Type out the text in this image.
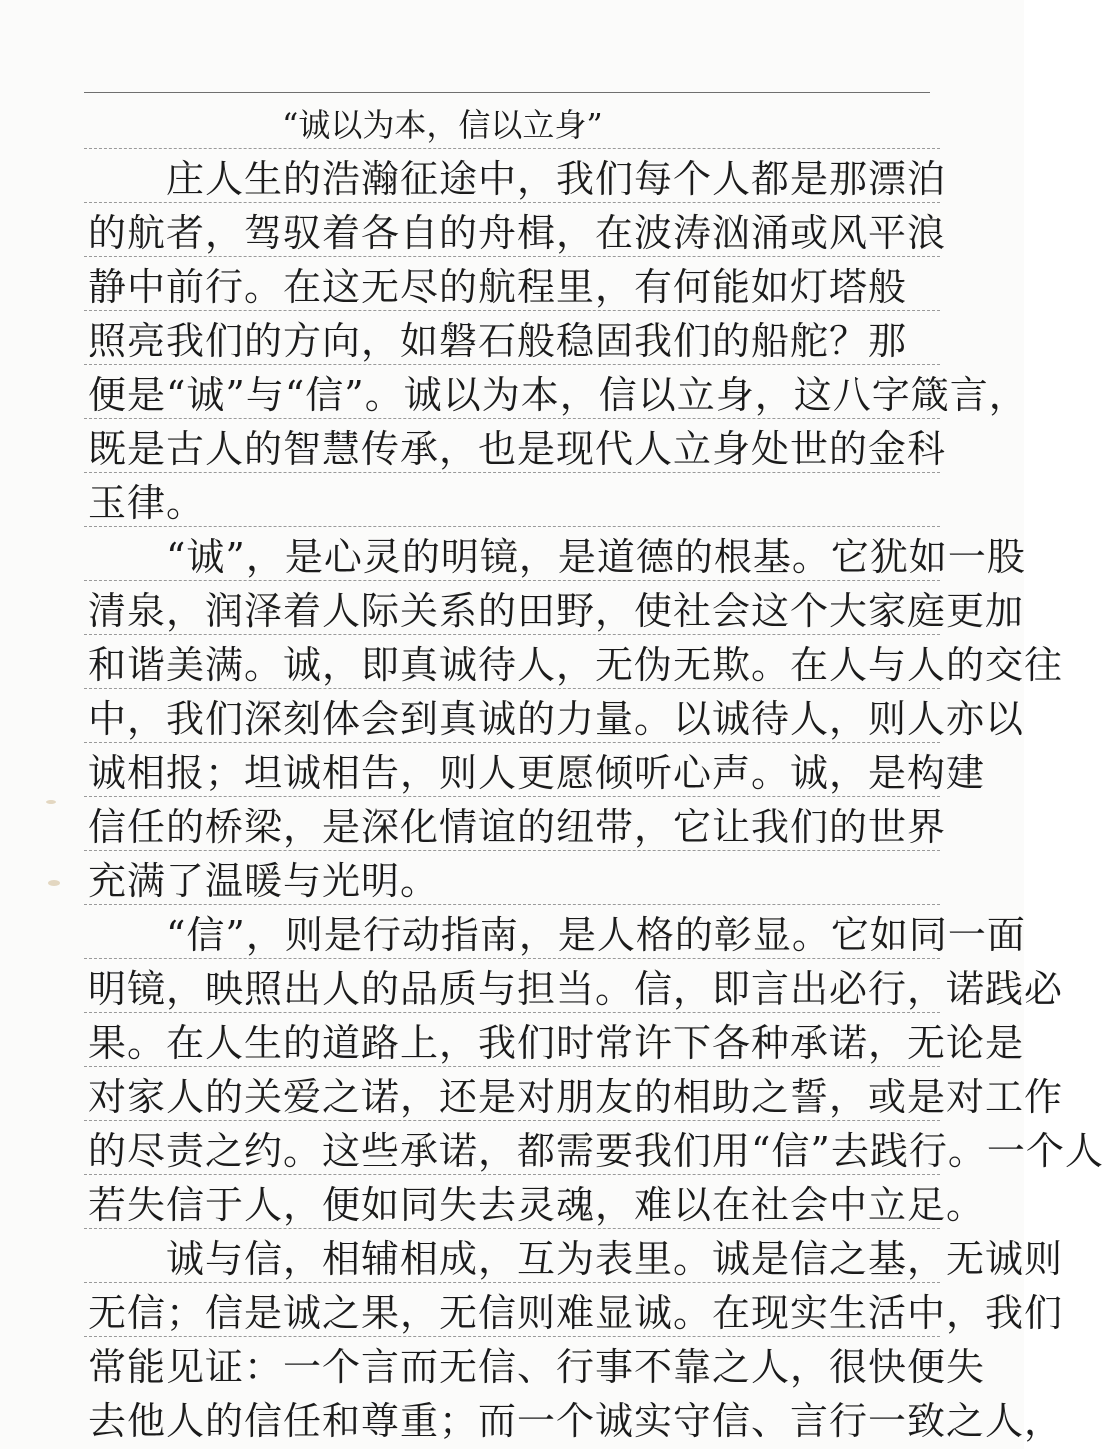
“诚以为本，信以立身”
　　庄人生的浩瀚征途中，我们每个人都是那漂泊
的航者，驾驭着各自的舟楫，在波涛汹涌或风平浪
静中前行。在这无尽的航程里，有何能如灯塔般
照亮我们的方向，如磐石般稳固我们的船舵？那
便是“诚”与“信”。诚以为本，信以立身，这八字箴言，
既是古人的智慧传承，也是现代人立身处世的金科
玉律。
　　“诚”，是心灵的明镜，是道德的根基。它犹如一股
清泉，润泽着人际关系的田野，使社会这个大家庭更加
和谐美满。诚，即真诚待人，无伪无欺。在人与人的交往
中，我们深刻体会到真诚的力量。以诚待人，则人亦以
诚相报；坦诚相告，则人更愿倾听心声。诚，是构建
信任的桥梁，是深化情谊的纽带，它让我们的世界
充满了温暖与光明。
　　“信”，则是行动指南，是人格的彰显。它如同一面
明镜，映照出人的品质与担当。信，即言出必行，诺践必
果。在人生的道路上，我们时常许下各种承诺，无论是
对家人的关爱之诺，还是对朋友的相助之誓，或是对工作
的尽责之约。这些承诺，都需要我们用“信”去践行。一个人
若失信于人，便如同失去灵魂，难以在社会中立足。
　　诚与信，相辅相成，互为表里。诚是信之基，无诚则
无信；信是诚之果，无信则难显诚。在现实生活中，我们
常能见证：一个言而无信、行事不靠之人，很快便失
去他人的信任和尊重；而一个诚实守信、言行一致之人，
